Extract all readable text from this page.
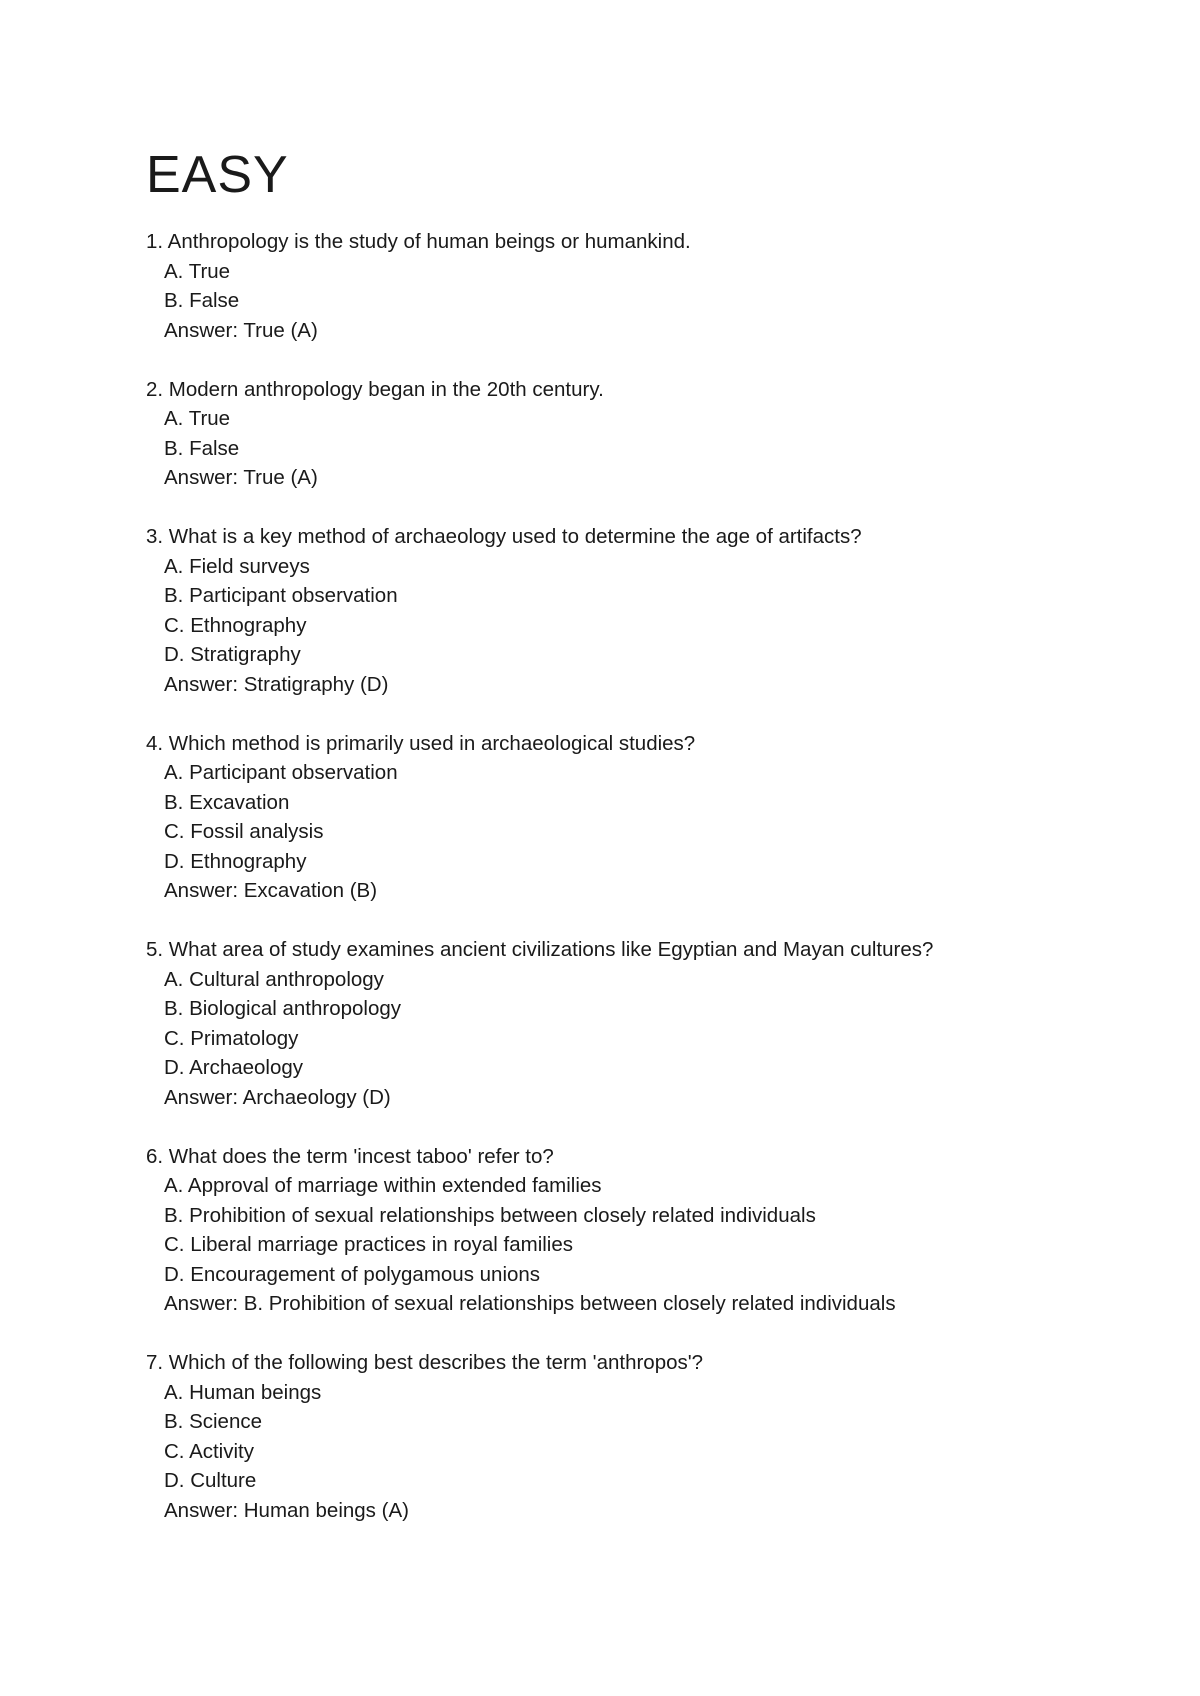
EASY
1. Anthropology is the study of human beings or humankind.
A. True
B. False
Answer: True (A)
2. Modern anthropology began in the 20th century.
A. True
B. False
Answer: True (A)
3. What is a key method of archaeology used to determine the age of artifacts?
A. Field surveys
B. Participant observation
C. Ethnography
D. Stratigraphy
Answer: Stratigraphy (D)
4. Which method is primarily used in archaeological studies?
A. Participant observation
B. Excavation
C. Fossil analysis
D. Ethnography
Answer: Excavation (B)
5. What area of study examines ancient civilizations like Egyptian and Mayan cultures?
A. Cultural anthropology
B. Biological anthropology
C. Primatology
D. Archaeology
Answer: Archaeology (D)
6. What does the term 'incest taboo' refer to?
A. Approval of marriage within extended families
B. Prohibition of sexual relationships between closely related individuals
C. Liberal marriage practices in royal families
D. Encouragement of polygamous unions
Answer: B. Prohibition of sexual relationships between closely related individuals
7. Which of the following best describes the term 'anthropos'?
A. Human beings
B. Science
C. Activity
D. Culture
Answer: Human beings (A)
